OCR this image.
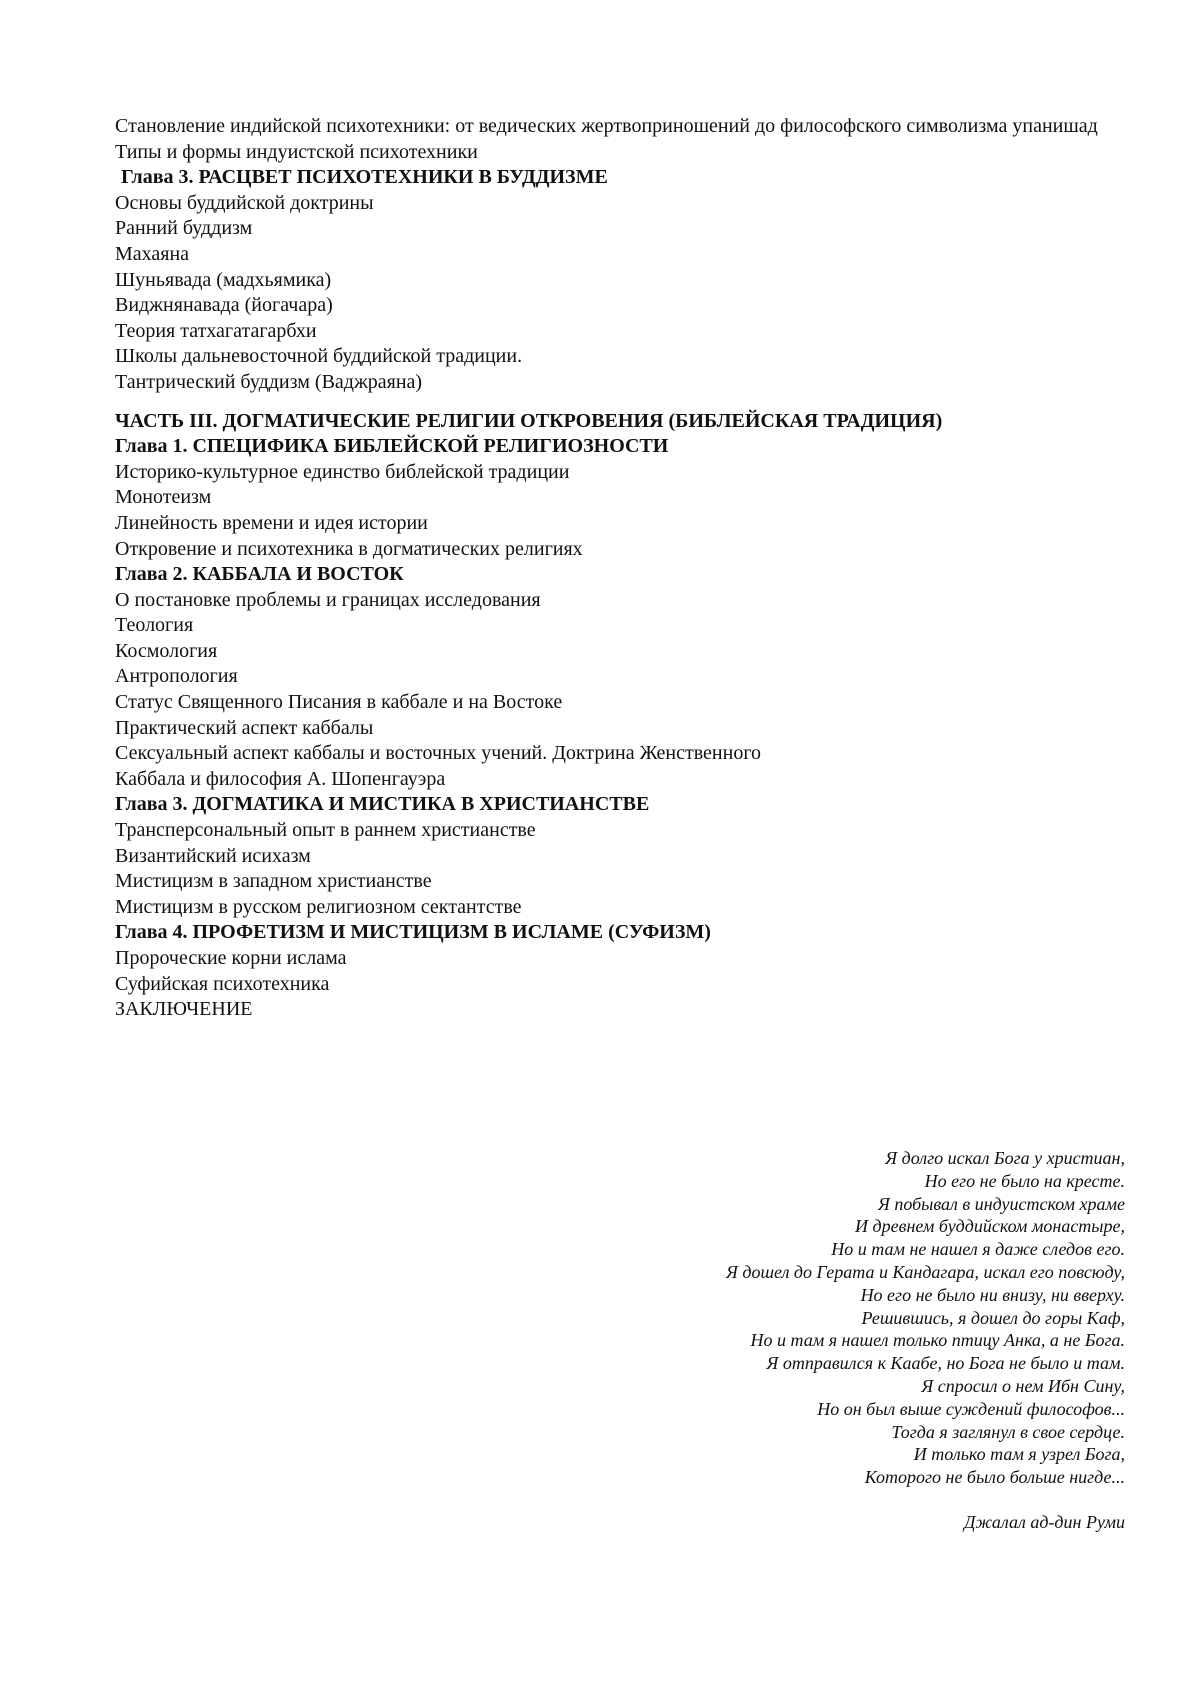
Становление индийской психотехники: от ведических жертвоприношений до философского символизма упанишад
Типы и формы индуистской психотехники
Глава 3. РАСЦВЕТ ПСИХОТЕХНИКИ В БУДДИЗМЕ
Основы буддийской доктрины
Ранний буддизм
Махаяна
Шуньявада (мадхьямика)
Виджнянавада (йогачара)
Теория татхагатагарбхи
Школы дальневосточной буддийской традиции.
Тантрический буддизм (Ваджраяна)
ЧАСТЬ III. ДОГМАТИЧЕСКИЕ РЕЛИГИИ ОТКРОВЕНИЯ (БИБЛЕЙСКАЯ ТРАДИЦИЯ)
Глава 1. СПЕЦИФИКА БИБЛЕЙСКОЙ РЕЛИГИОЗНОСТИ
Историко-культурное единство библейской традиции
Монотеизм
Линейность времени и идея истории
Откровение и психотехника в догматических религиях
Глава 2. КАББАЛА И ВОСТОК
О постановке проблемы и границах исследования
Теология
Космология
Антропология
Статус Священного Писания в каббале и на Востоке
Практический аспект каббалы
Сексуальный аспект каббалы и восточных учений. Доктрина Женственного
Каббала и философия А. Шопенгауэра
Глава 3. ДОГМАТИКА И МИСТИКА В ХРИСТИАНСТВЕ
Трансперсональный опыт в раннем христианстве
Византийский исихазм
Мистицизм в западном христианстве
Мистицизм в русском религиозном сектантстве
Глава 4. ПРОФЕТИЗМ И МИСТИЦИЗМ В ИСЛАМЕ (СУФИЗМ)
Пророческие корни ислама
Суфийская психотехника
ЗАКЛЮЧЕНИЕ
Я долго искал Бога у христиан,
Но его не было на кресте.
Я побывал в индуистском храме
И древнем буддийском монастыре,
Но и там не нашел я даже следов его.
Я дошел до Герата и Кандагара, искал его повсюду,
Но его не было ни внизу, ни вверху.
Решившись, я дошел до горы Каф,
Но и там я нашел только птицу Анка, а не Бога.
Я отправился к Каабе, но Бога не было и там.
Я спросил о нем Ибн Сину,
Но он был выше суждений философов...
Тогда я заглянул в свое сердце.
И только там я узрел Бога,
Которого не было больше нигде...
Джалал ад-дин Руми
